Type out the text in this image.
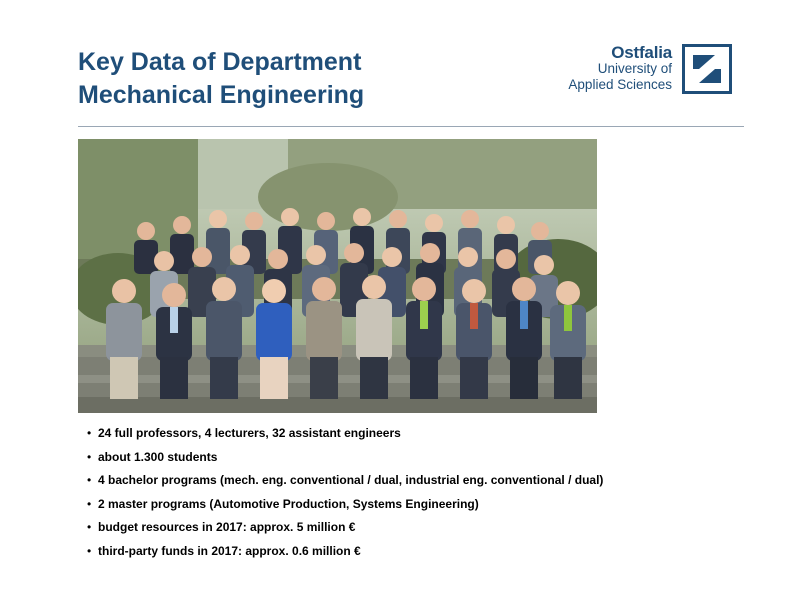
Key Data of Department
Mechanical Engineering
Ostfalia
University of
Applied Sciences
• 24 full professors, 4 lecturers, 32 assistant engineers
• about 1.300 students
• 4 bachelor programs (mech. eng. conventional / dual, industrial eng. conventional / dual)
• 2 master programs (Automotive Production, Systems Engineering)
• budget resources in 2017: approx. 5 million €
• third-party funds in 2017: approx. 0.6 million €
